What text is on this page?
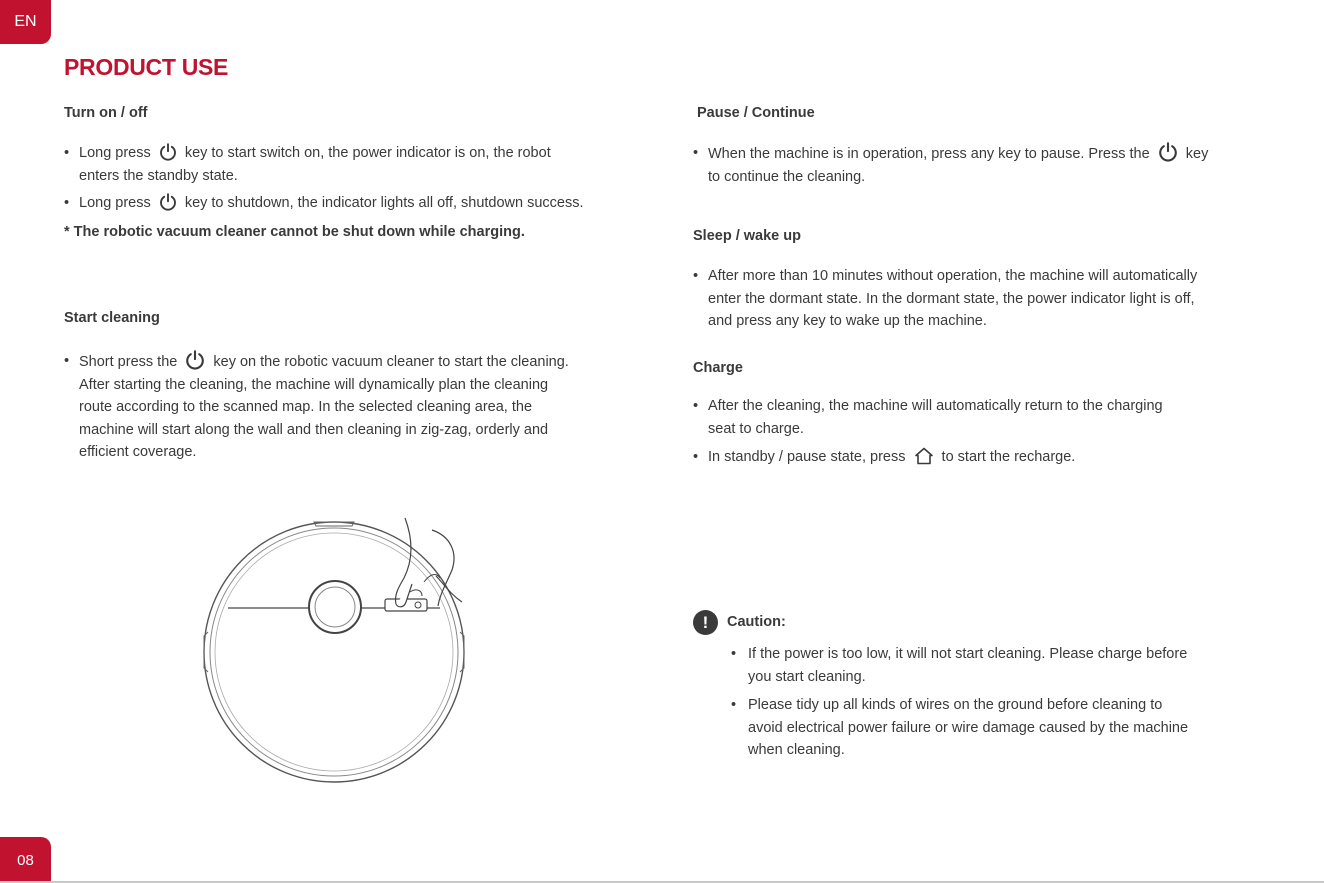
EN
08
PRODUCT USE
Turn on / off
• Long press key to start switch on, the power indicator is on, the robot
enters the standby state.
• Long press key to shutdown, the indicator lights all off, shutdown success.
* The robotic vacuum cleaner cannot be shut down while charging.
Start cleaning
• Short press the key on the robotic vacuum cleaner to start the cleaning.
After starting the cleaning, the machine will dynamically plan the cleaning
route according to the scanned map. In the selected cleaning area, the
machine will start along the wall and then cleaning in zig-zag, orderly and
efficient coverage.
Pause / Continue
• When the machine is in operation, press any key to pause. Press the key
to continue the cleaning.
Sleep / wake up
• After more than 10 minutes without operation, the machine will automatically
enter the dormant state. In the dormant state, the power indicator light is off,
and press any key to wake up the machine.
Charge
• After the cleaning, the machine will automatically return to the charging
seat to charge.
• In standby / pause state, press to start the recharge.
!	Caution:
• If the power is too low, it will not start cleaning. Please charge before
you start cleaning.
• Please tidy up all kinds of wires on the ground before cleaning to
avoid electrical power failure or wire damage caused by the machine
when cleaning.
